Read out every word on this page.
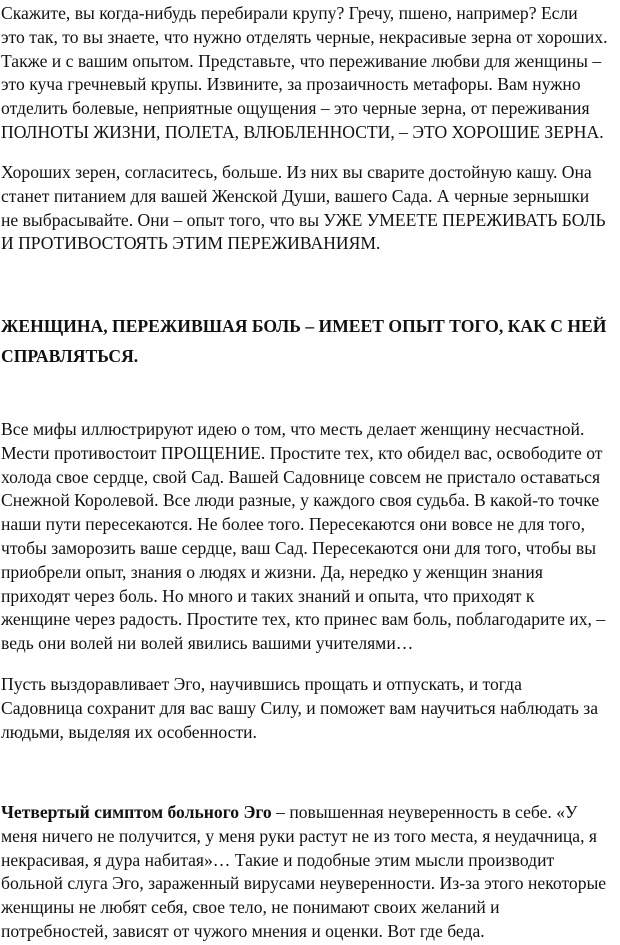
Скажите, вы когда-нибудь перебирали крупу? Гречу, пшено, например? Если
это так, то вы знаете, что нужно отделять черные, некрасивые зерна от хороших.
Также и с вашим опытом. Представьте, что переживание любви для женщины –
это куча гречневый крупы. Извините, за прозаичность метафоры. Вам нужно
отделить болевые, неприятные ощущения – это черные зерна, от переживания
ПОЛНОТЫ ЖИЗНИ, ПОЛЕТА, ВЛЮБЛЕННОСТИ, – ЭТО ХОРОШИЕ ЗЕРНА.

Хороших зерен, согласитесь, больше. Из них вы сварите достойную кашу. Она
станет питанием для вашей Женской Души, вашего Сада. А черные зернышки
не выбрасывайте. Они – опыт того, что вы УЖЕ УМЕЕТЕ ПЕРЕЖИВАТЬ БОЛЬ
И ПРОТИВОСТОЯТЬ ЭТИМ ПЕРЕЖИВАНИЯМ.

ЖЕНЩИНА, ПЕРЕЖИВШАЯ БОЛЬ – ИМЕЕТ ОПЫТ ТОГО, КАК С НЕЙ
СПРАВЛЯТЬСЯ.

Все мифы иллюстрируют идею о том, что месть делает женщину несчастной.
Мести противостоит ПРОЩЕНИЕ. Простите тех, кто обидел вас, освободите от
холода свое сердце, свой Сад. Вашей Садовнице совсем не пристало оставаться
Снежной Королевой. Все люди разные, у каждого своя судьба. В какой-то точке
наши пути пересекаются. Не более того. Пересекаются они вовсе не для того,
чтобы заморозить ваше сердце, ваш Сад. Пересекаются они для того, чтобы вы
приобрели опыт, знания о людях и жизни. Да, нередко у женщин знания
приходят через боль. Но много и таких знаний и опыта, что приходят к
женщине через радость. Простите тех, кто принес вам боль, поблагодарите их, –
ведь они волей ни волей явились вашими учителями…

Пусть выздоравливает Эго, научившись прощать и отпускать, и тогда
Садовница сохранит для вас вашу Силу, и поможет вам научиться наблюдать за
людьми, выделяя их особенности.

Четвертый симптом больного Эго – повышенная неуверенность в себе. «У
меня ничего не получится, у меня руки растут не из того места, я неудачница, я
некрасивая, я дура набитая»… Такие и подобные этим мысли производит
больной слуга Эго, зараженный вирусами неуверенности. Из-за этого некоторые
женщины не любят себя, свое тело, не понимают своих желаний и
потребностей, зависят от чужого мнения и оценки. Вот где беда.
